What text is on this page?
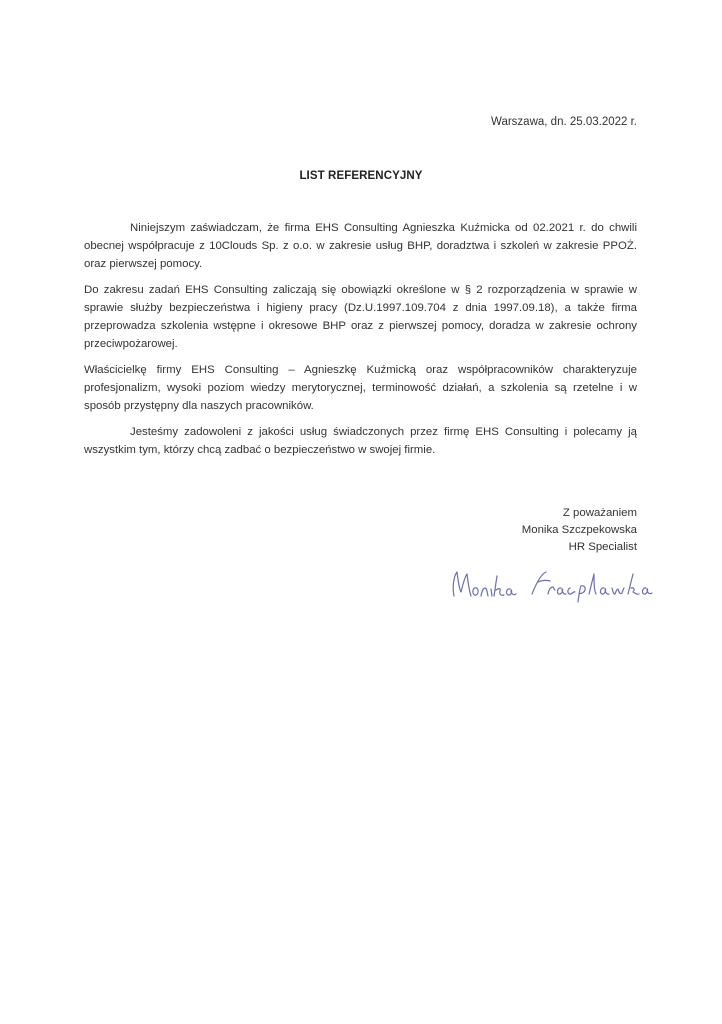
Warszawa, dn. 25.03.2022 r.
LIST REFERENCYJNY

Niniejszym zaświadczam, że firma EHS Consulting Agnieszka Kuźmicka od 02.2021 r. do chwili obecnej współpracuje z 10Clouds Sp. z o.o. w zakresie usług BHP, doradztwa i szkoleń w zakresie PPOŻ. oraz pierwszej pomocy.

Do zakresu zadań EHS Consulting zaliczają się obowiązki określone w § 2 rozporządzenia w sprawie w sprawie służby bezpieczeństwa i higieny pracy (Dz.U.1997.109.704 z dnia 1997.09.18), a także firma przeprowadza szkolenia wstępne i okresowe BHP oraz z pierwszej pomocy, doradza w zakresie ochrony przeciwpożarowej.

Właścicielkę firmy EHS Consulting – Agnieszkę Kuźmicką oraz współpracowników charakteryzuje profesjonalizm, wysoki poziom wiedzy merytorycznej, terminowość działań, a szkolenia są rzetelne i w sposób przystępny dla naszych pracowników.

Jesteśmy zadowoleni z jakości usług świadczonych przez firmę EHS Consulting i polecamy ją wszystkim tym, którzy chcą zadbać o bezpieczeństwo w swojej firmie.

Z poważaniem
Monika Szczpekowska
HR Specialist
